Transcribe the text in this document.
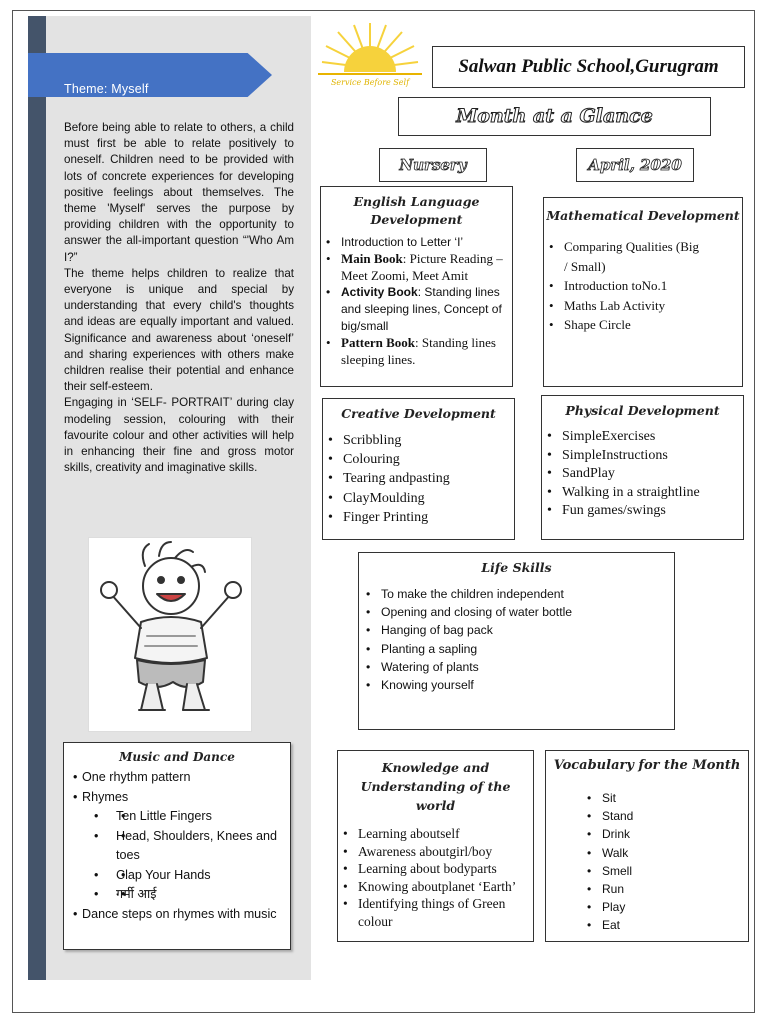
Theme: Myself

Before being able to relate to others, a child must first be able to relate positively to oneself. Children need to be provided with lots of concrete experiences for developing positive feelings about themselves. The theme 'Myself' serves the purpose by providing children with the opportunity to answer the all-important question “'Who Am I?”

The theme helps children to realize that everyone is unique and special by understanding that every child's thoughts and ideas are equally important and valued. Significance and awareness about ‘oneself’ and sharing experiences with others make children realise their potential and enhance their self-esteem.

Engaging in ‘SELF- PORTRAIT’ during clay modeling session, colouring with their favourite colour and other activities will help in enhancing their fine and gross motor skills, creativity and imaginative skills.

Music and Dance
• One rhythm pattern
• Rhymes
• • Ten Little Fingers
• • Head, Shoulders, Knees and toes
• • Clap Your Hands
• • गर्मी आई
• Dance steps on rhymes with music
Service Before Self
Salwan Public School,Gurugram
Month at a Glance
Nursery	April, 2020
English Language Development
• Introduction to Letter ‘I’
• Main Book: Picture Reading – Meet Zoomi, Meet Amit
• Activity Book: Standing lines and sleeping lines, Concept of big/small
• Pattern Book: Standing lines sleeping lines.
Mathematical Development
• Comparing Qualities (Big / Small)
• Introduction toNo.1
• Maths Lab Activity
• Shape Circle
Creative Development
• Scribbling
• Colouring
• Tearing andpasting
• ClayMoulding
• Finger Printing
Physical Development
• SimpleExercises
• SimpleInstructions
• SandPlay
• Walking in a straightline
• Fun games/swings
Life Skills
• To make the children independent
• Opening and closing of water bottle
• Hanging of bag pack
• Planting a sapling
• Watering of plants
• Knowing yourself
Knowledge and Understanding of the world
• Learning aboutself
• Awareness aboutgirl/boy
• Learning about bodyparts
• Knowing aboutplanet ‘Earth’
• Identifying things of Green colour
Vocabulary for the Month
• Sit
• Stand
• Drink
• Walk
• Smell
• Run
• Play
• Eat
